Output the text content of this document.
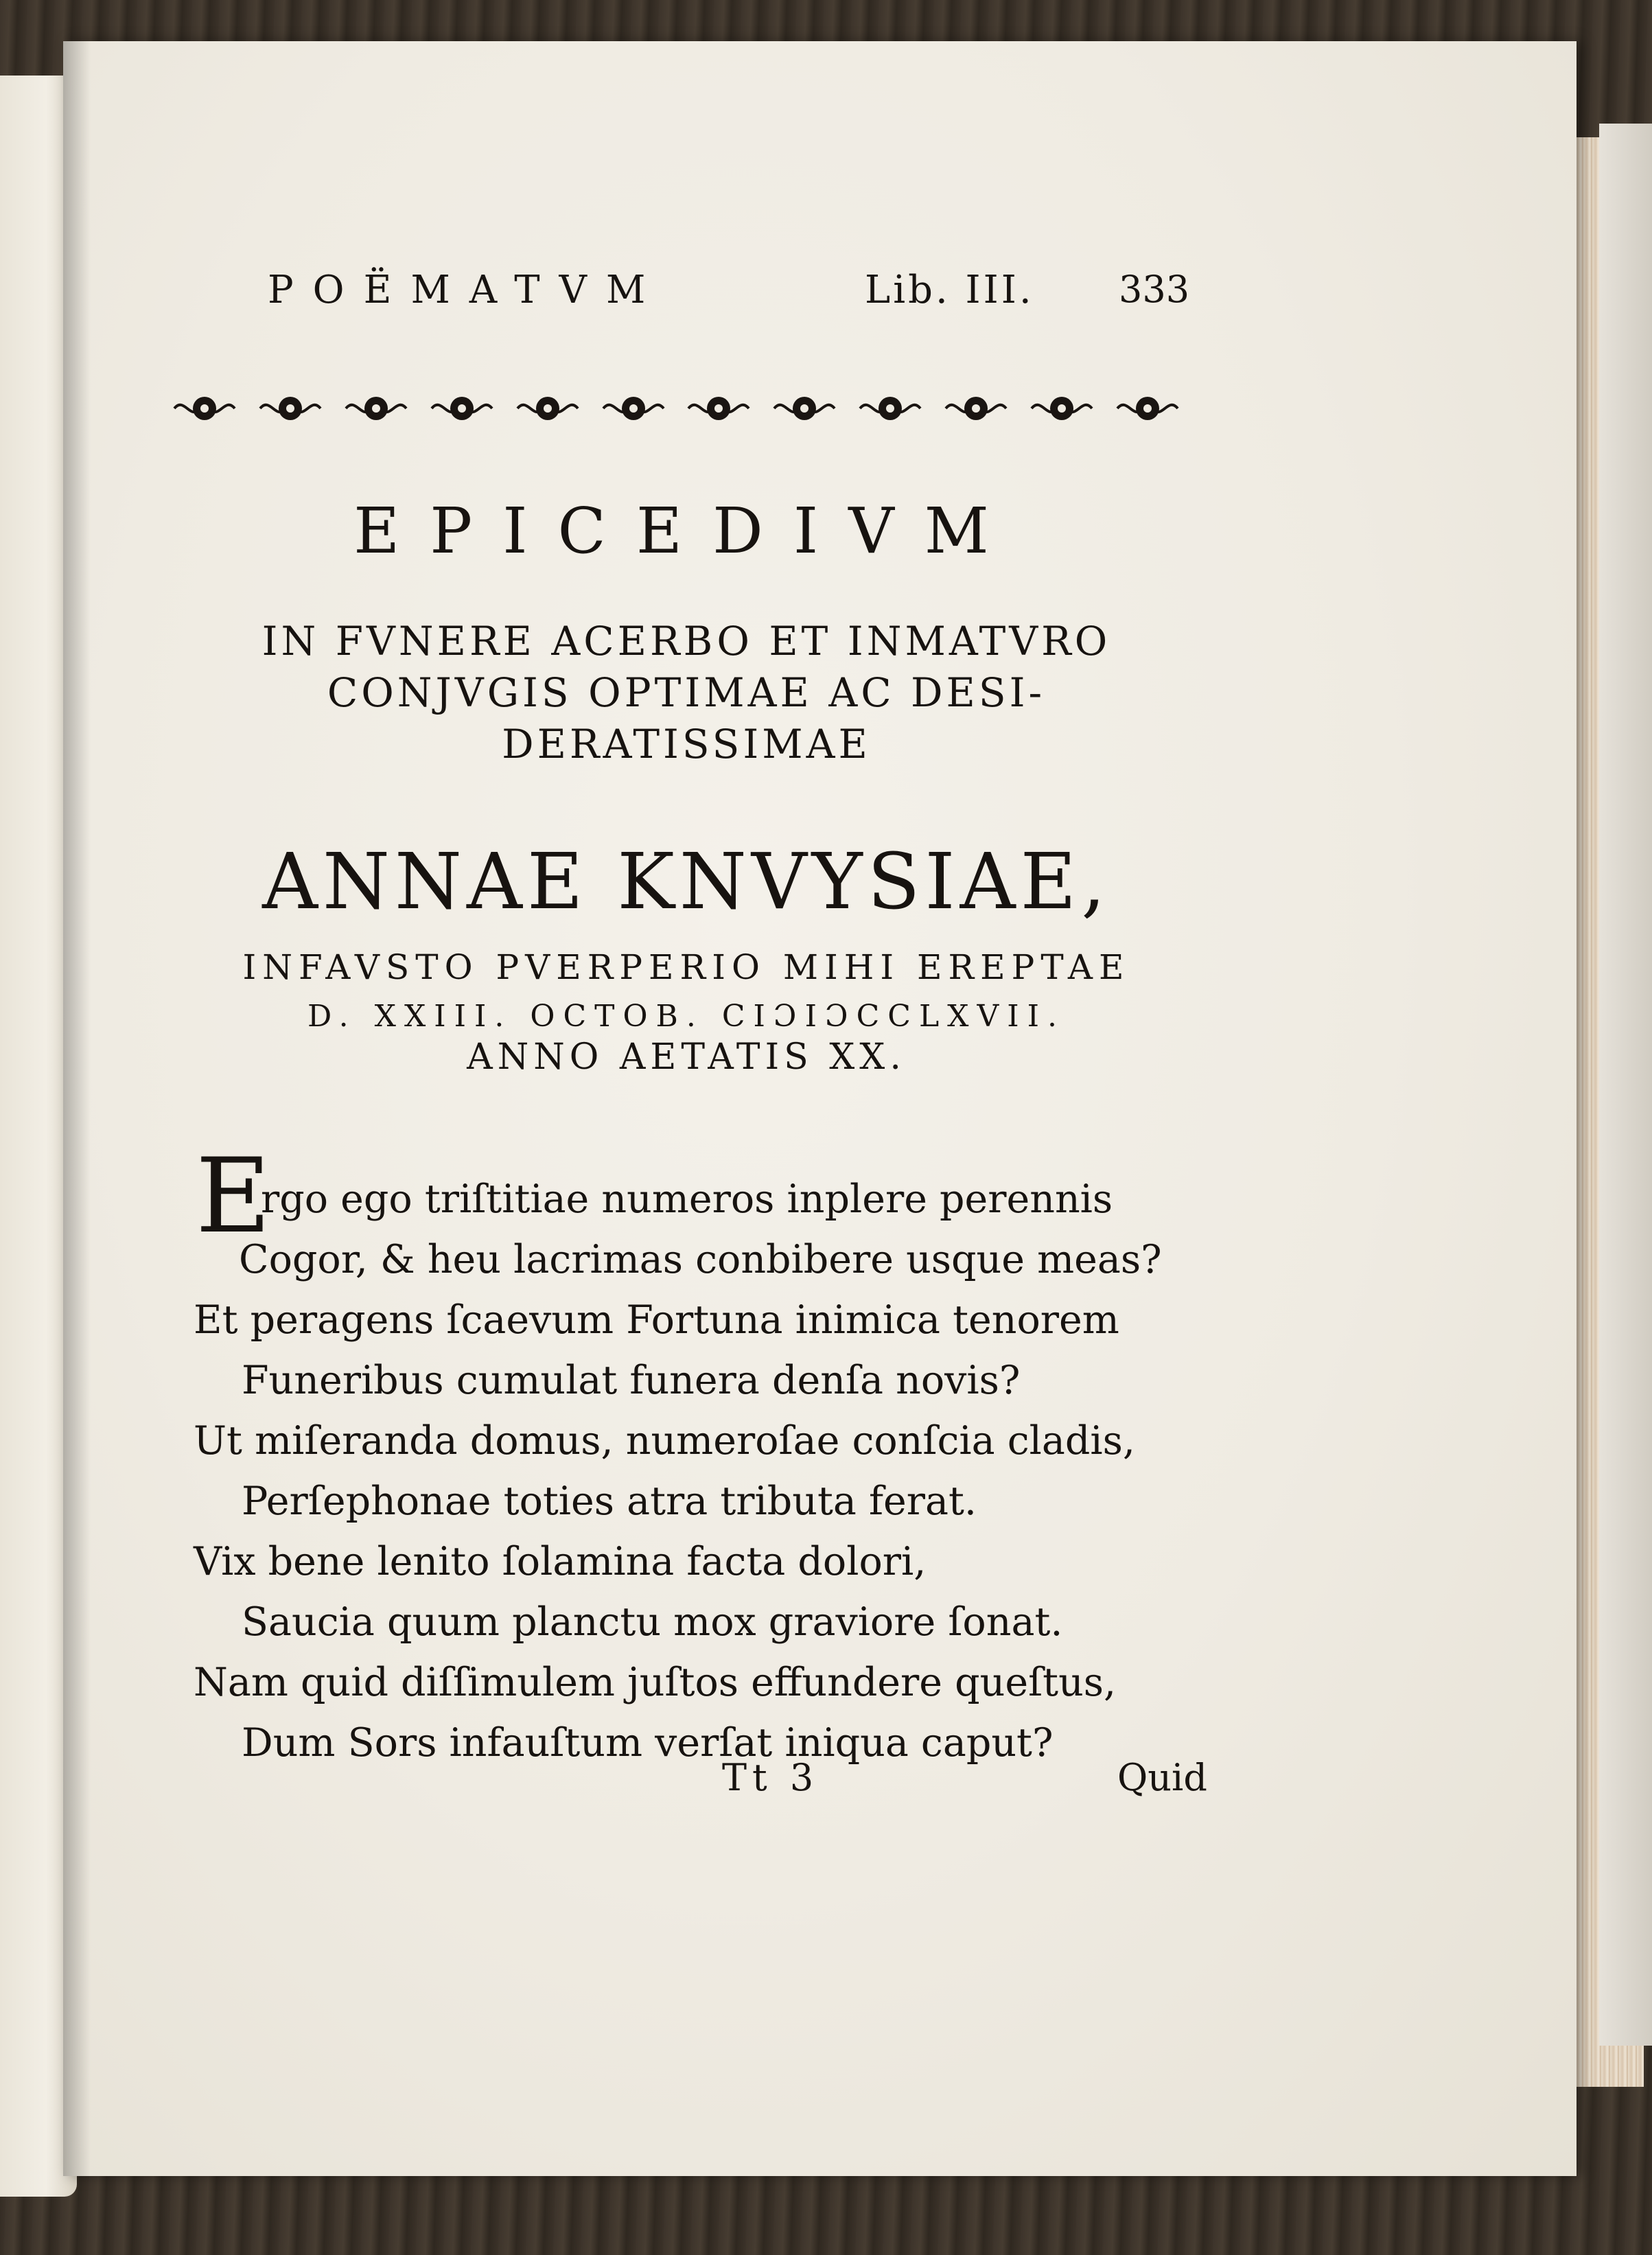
POËMATVM	Lib. III. 333
EPICEDIVM
IN FVNERE ACERBO ET INMATVRO
CONJVGIS OPTIMAE AC DESI-
DERATISSIMAE
ANNAE KNVYSIAE,
INFAVSTO PVERPERIO MIHI EREPTAE
D. XXIII. OCTOB. CIƆIƆCCLXVII.
ANNO AETATIS XX.
E
rgo ego triſtitiae numeros inplere perennis
Cogor, & heu lacrimas conbibere usque meas?
Et peragens ſcaevum Fortuna inimica tenorem
Funeribus cumulat funera denſa novis?
Ut miſeranda domus, numeroſae conſcia cladis,
Perſephonae toties atra tributa ferat.
Vix bene lenito ſolamina facta dolori,
Saucia quum planctu mox graviore ſonat.
Nam quid diſſimulem juſtos effundere queſtus,
Dum Sors infauſtum verſat iniqua caput?
Tt 3	Quid
